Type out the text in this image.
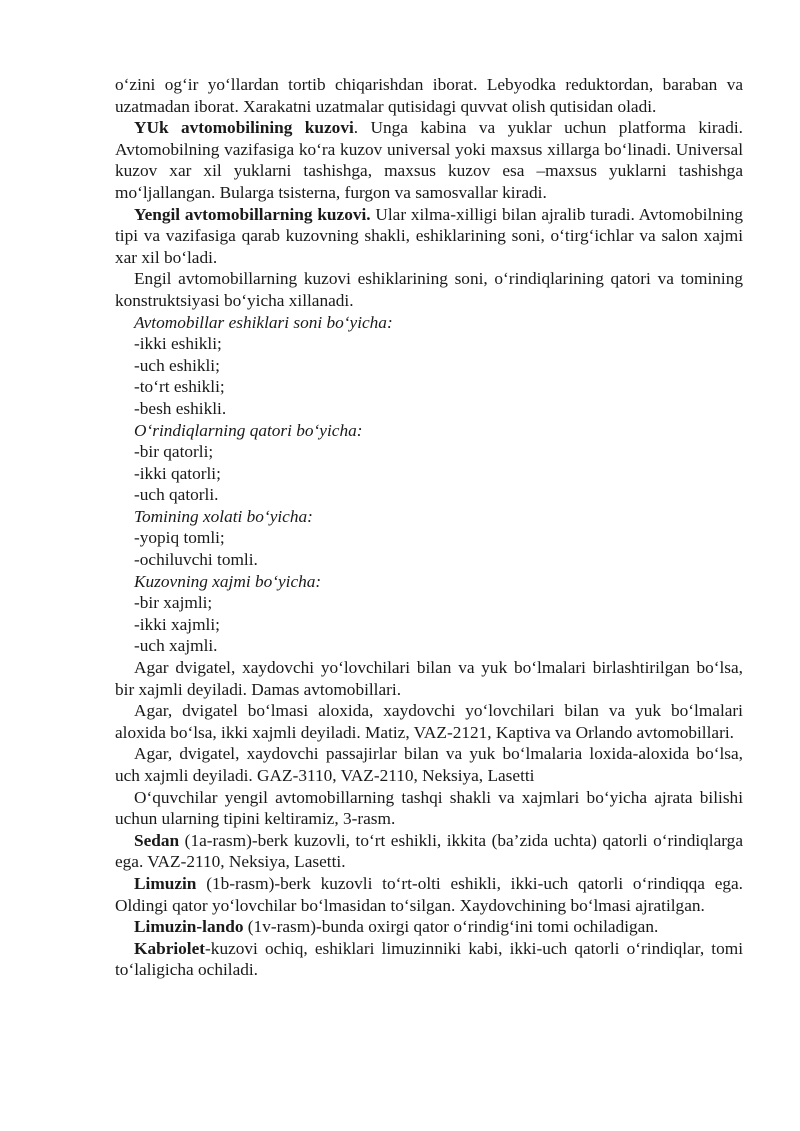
o‘zini og‘ir yo‘llardan tortib chiqarishdan iborat. Lebyodka reduktordan, baraban va uzatmadan iborat. Xarakatni uzatmalar qutisidagi quvvat olish qutisidan oladi.

YUk avtomobilining kuzovi. Unga kabina va yuklar uchun platforma kiradi. Avtomobilning vazifasiga ko‘ra kuzov universal yoki maxsus xillarga bo‘linadi. Universal kuzov xar xil yuklarni tashishga, maxsus kuzov esa –maxsus yuklarni tashishga mo‘ljallangan. Bularga tsisterna, furgon va samosvallar kiradi.

Yengil avtomobillarning kuzovi. Ular xilma-xilligi bilan ajralib turadi. Avtomobilning tipi va vazifasiga qarab kuzovning shakli, eshiklarining soni, o‘tirg‘ichlar va salon xajmi xar xil bo‘ladi.

Engil avtomobillarning kuzovi eshiklarining soni, o‘rindiqlarining qatori va tomining konstruktsiyasi bo‘yicha xillanadi.

Avtomobillar eshiklari soni bo‘yicha:

-ikki eshikli;

-uch eshikli;

-to‘rt eshikli;

-besh eshikli.

O‘rindiqlarning qatori bo‘yicha:

-bir qatorli;

-ikki qatorli;

-uch qatorli.

Tomining xolati bo‘yicha:

-yopiq tomli;

-ochiluvchi tomli.

Kuzovning xajmi bo‘yicha:

-bir xajmli;

-ikki xajmli;

-uch xajmli.

Agar dvigatel, xaydovchi yo‘lovchilari bilan va yuk bo‘lmalari birlashtirilgan bo‘lsa, bir xajmli deyiladi. Damas avtomobillari.

Agar, dvigatel bo‘lmasi aloxida, xaydovchi yo‘lovchilari bilan va yuk bo‘lmalari aloxida bo‘lsa, ikki xajmli deyiladi. Matiz, VAZ-2121, Kaptiva va Orlando avtomobillari.

Agar, dvigatel, xaydovchi passajirlar bilan va yuk bo‘lmalaria loxida-aloxida bo‘lsa, uch xajmli deyiladi. GAZ-3110, VAZ-2110, Neksiya, Lasetti

O‘quvchilar yengil avtomobillarning tashqi shakli va xajmlari bo‘yicha ajrata bilishi uchun ularning tipini keltiramiz, 3-rasm.

Sedan (1a-rasm)-berk kuzovli, to‘rt eshikli, ikkita (ba’zida uchta) qatorli o‘rindiqlarga ega. VAZ-2110, Neksiya, Lasetti.

Limuzin (1b-rasm)-berk kuzovli to‘rt-olti eshikli, ikki-uch qatorli o‘rindiqqa ega. Oldingi qator yo‘lovchilar bo‘lmasidan to‘silgan. Xaydovchining bo‘lmasi ajratilgan.

Limuzin-lando (1v-rasm)-bunda oxirgi qator o‘rindig‘ini tomi ochiladigan.

Kabriolet-kuzovi ochiq, eshiklari limuzinniki kabi, ikki-uch qatorli o‘rindiqlar, tomi to‘laligicha ochiladi.
